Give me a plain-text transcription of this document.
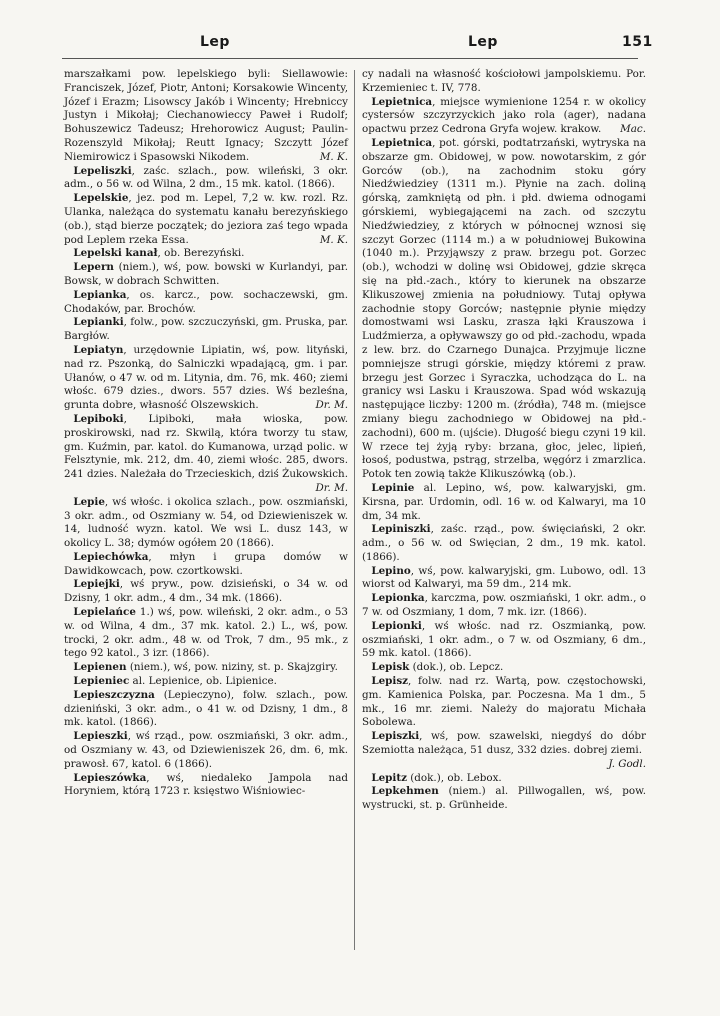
Lep	Lep	151

marszałkami pow. lepelskiego byli: Siellawowie: Franciszek, Józef, Piotr, Antoni; Korsakowie Wincenty, Józef i Erazm; Lisowscy Jakób i Wincenty; Hrebniccy Justyn i Mikołaj; Ciechanowieccy Paweł i Rudolf; Bohuszewicz Tadeusz; Hrehorowicz August; Paulin-Rozenszyld Mikołaj; Reutt Ignacy; Szczytt Józef Niemirowicz i Spasowski Nikodem.	M. K.

Lepeliszki, zaśc. szlach., pow. wileński, 3 okr. adm., o 56 w. od Wilna, 2 dm., 15 mk. katol. (1866).

Lepelskie, jez. pod m. Lepel, 7,2 w. kw. rozl. Rz. Ulanka, należąca do systematu kanału berezyńskiego (ob.), stąd bierze początek; do jeziora zaś tego wpada pod Leplem rzeka Essa.	M. K.

Lepelski kanał, ob. Berezyński.

Lepern (niem.), wś, pow. bowski w Kurlandyi, par. Bowsk, w dobrach Schwitten.

Lepianka, os. karcz., pow. sochaczewski, gm. Chodaków, par. Brochów.

Lepianki, folw., pow. szczuczyński, gm. Pruska, par. Bargłów.

Lepiatyn, urzędownie Lipiatin, wś, pow. lityński, nad rz. Pszonką, do Salniczki wpadającą, gm. i par. Ułanów, o 47 w. od m. Litynia, dm. 76, mk. 460; ziemi włośc. 679 dzies., dwors. 557 dzies. Wś bezleśna, grunta dobre, własność Olszewskich.	Dr. M.

Lepiboki, Lipiboki, mała wioska, pow. proskirowski, nad rz. Skwilą, która tworzy tu staw, gm. Kuźmin, par. katol. do Kumanowa, urząd polic. w Felsztynie, mk. 212, dm. 40, ziemi włośc. 285, dwors. 241 dzies. Należała do Trzecieskich, dziś Żukowskich.
Dr. M.

Lepie, wś włośc. i okolica szlach., pow. oszmiański, 3 okr. adm., od Oszmiany w. 54, od Dziewieniszek w. 14, ludność wyzn. katol. We wsi L. dusz 143, w okolicy L. 38; dymów ogółem 20 (1866).

Lepiechówka, młyn i grupa domów w Dawidkowcach, pow. czortkowski.

Lepiejki, wś pryw., pow. dzisieński, o 34 w. od Dzisny, 1 okr. adm., 4 dm., 34 mk. (1866).

Lepielańce 1.) wś, pow. wileński, 2 okr. adm., o 53 w. od Wilna, 4 dm., 37 mk. katol. 2.) L., wś, pow. trocki, 2 okr. adm., 48 w. od Trok, 7 dm., 95 mk., z tego 92 katol., 3 izr. (1866).

Lepienen (niem.), wś, pow. niziny, st. p. Skajzgiry.

Lepieniec al. Lepienice, ob. Lipienice.

Lepieszczyzna (Lepieczyno), folw. szlach., pow. dzieniński, 3 okr. adm., o 41 w. od Dzisny, 1 dm., 8 mk. katol. (1866).

Lepieszki, wś rząd., pow. oszmiański, 3 okr. adm., od Oszmiany w. 43, od Dziewieniszek 26, dm. 6, mk. prawosł. 67, katol. 6 (1866).

Lepieszówka, wś, niedaleko Jampola nad Horyniem, którą 1723 r. księstwo Wiśniowiec-

cy nadali na własność kościołowi jampolskiemu. Por. Krzemieniec t. IV, 778.

Lepietnica, miejsce wymienione 1254 r. w okolicy cystersów szczyrzyckich jako rola (ager), nadana opactwu przez Cedrona Gryfa wojew. krakow.	Mac.

Lepietnica, pot. górski, podtatrzański, wytryska na obszarze gm. Obidowej, w pow. nowotarskim, z gór Gorców (ob.), na zachodnim stoku góry Niedźwiedziey (1311 m.). Płynie na zach. doliną górską, zamkniętą od płn. i płd. dwiema odnogami górskiemi, wybiegającemi na zach. od szczytu Niedźwiedziey, z których w północnej wznosi się szczyt Gorzec (1114 m.) a w południowej Bukowina (1040 m.). Przyjąwszy z praw. brzegu pot. Gorzec (ob.), wchodzi w dolinę wsi Obidowej, gdzie skręca się na płd.-zach., który to kierunek na obszarze Klikuszowej zmienia na południowy. Tutaj opływa zachodnie stopy Gorców; następnie płynie między domostwami wsi Lasku, zrasza łąki Krauszowa i Ludźmierza, a opływawszy go od płd.-zachodu, wpada z lew. brz. do Czarnego Dunajca. Przyjmuje liczne pomniejsze strugi górskie, między któremi z praw. brzegu jest Gorzec i Syraczka, uchodząca do L. na granicy wsi Lasku i Krauszowa. Spad wód wskazują następujące liczby: 1200 m. (źródła), 748 m. (miejsce zmiany biegu zachodniego w Obidowej na płd.-zachodni), 600 m. (ujście). Długość biegu czyni 19 kil. W rzece tej żyją ryby: brzana, głoc, jelec, lipień, łosoś, podustwa, pstrąg, strzelba, węgórz i zmarzlica. Potok ten zowią także Klikuszówką (ob.).

Lepinie al. Lepino, wś, pow. kalwaryjski, gm. Kirsna, par. Urdomin, odl. 16 w. od Kalwaryi, ma 10 dm, 34 mk.

Lepiniszki, zaśc. rząd., pow. święciański, 2 okr. adm., o 56 w. od Swięcian, 2 dm., 19 mk. katol. (1866).

Lepino, wś, pow. kalwaryjski, gm. Lubowo, odl. 13 wiorst od Kalwaryi, ma 59 dm., 214 mk.

Lepionka, karczma, pow. oszmiański, 1 okr. adm., o 7 w. od Oszmiany, 1 dom, 7 mk. izr. (1866).

Lepionki, wś włośc. nad rz. Oszmianką, pow. oszmiański, 1 okr. adm., o 7 w. od Oszmiany, 6 dm., 59 mk. katol. (1866).

Lepisk (dok.), ob. Lepcz.

Lepisz, folw. nad rz. Wartą, pow. częstochowski, gm. Kamienica Polska, par. Poczesna. Ma 1 dm., 5 mk., 16 mr. ziemi. Należy do majoratu Michała Sobolewa.

Lepiszki, wś, pow. szawelski, niegdyś do dóbr Szemiotta należąca, 51 dusz, 332 dzies. dobrej ziemi.
J. Godl.

Lepitz (dok.), ob. Lebox.

Lepkehmen (niem.) al. Pillwogallen, wś, pow. wystrucki, st. p. Grünheide.
